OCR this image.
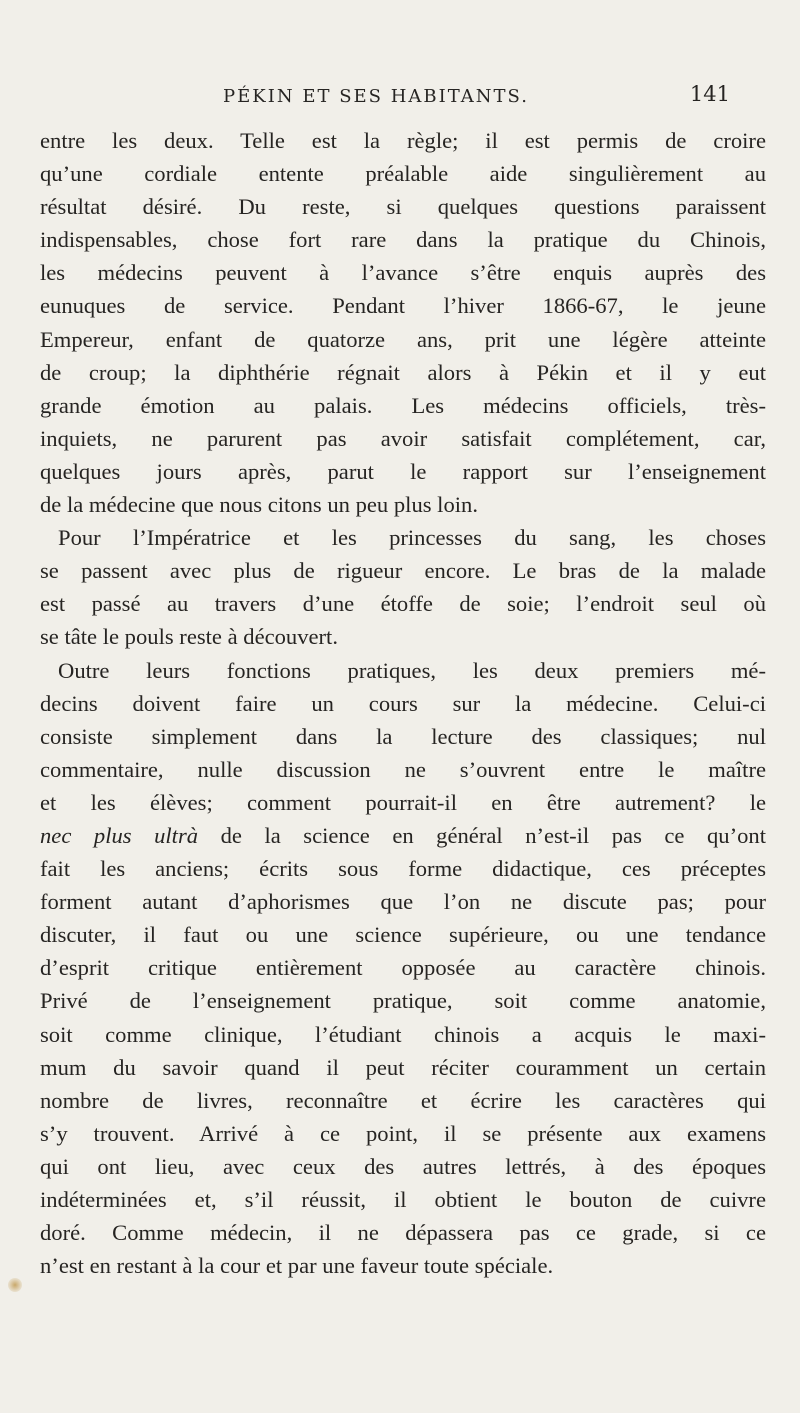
PÉKIN ET SES HABITANTS.	141

entre les deux. Telle est la règle; il est permis de croire
qu’une cordiale entente préalable aide singulièrement au
résultat désiré. Du reste, si quelques questions paraissent
indispensables, chose fort rare dans la pratique du Chinois,
les médecins peuvent à l’avance s’être enquis auprès des
eunuques de service. Pendant l’hiver 1866-67, le jeune
Empereur, enfant de quatorze ans, prit une légère atteinte
de croup; la diphthérie régnait alors à Pékin et il y eut
grande émotion au palais. Les médecins officiels, très-
inquiets, ne parurent pas avoir satisfait complétement, car,
quelques jours après, parut le rapport sur l’enseignement
de la médecine que nous citons un peu plus loin.

Pour l’Impératrice et les princesses du sang, les choses
se passent avec plus de rigueur encore. Le bras de la malade
est passé au travers d’une étoffe de soie; l’endroit seul où
se tâte le pouls reste à découvert.

Outre leurs fonctions pratiques, les deux premiers mé-
decins doivent faire un cours sur la médecine. Celui-ci
consiste simplement dans la lecture des classiques; nul
commentaire, nulle discussion ne s’ouvrent entre le maître
et les élèves; comment pourrait-il en être autrement? le
nec plus ultrà de la science en général n’est-il pas ce qu’ont
fait les anciens; écrits sous forme didactique, ces préceptes
forment autant d’aphorismes que l’on ne discute pas; pour
discuter, il faut ou une science supérieure, ou une tendance
d’esprit critique entièrement opposée au caractère chinois.
Privé de l’enseignement pratique, soit comme anatomie,
soit comme clinique, l’étudiant chinois a acquis le maxi-
mum du savoir quand il peut réciter couramment un certain
nombre de livres, reconnaître et écrire les caractères qui
s’y trouvent. Arrivé à ce point, il se présente aux examens
qui ont lieu, avec ceux des autres lettrés, à des époques
indéterminées et, s’il réussit, il obtient le bouton de cuivre
doré. Comme médecin, il ne dépassera pas ce grade, si ce
n’est en restant à la cour et par une faveur toute spéciale.
